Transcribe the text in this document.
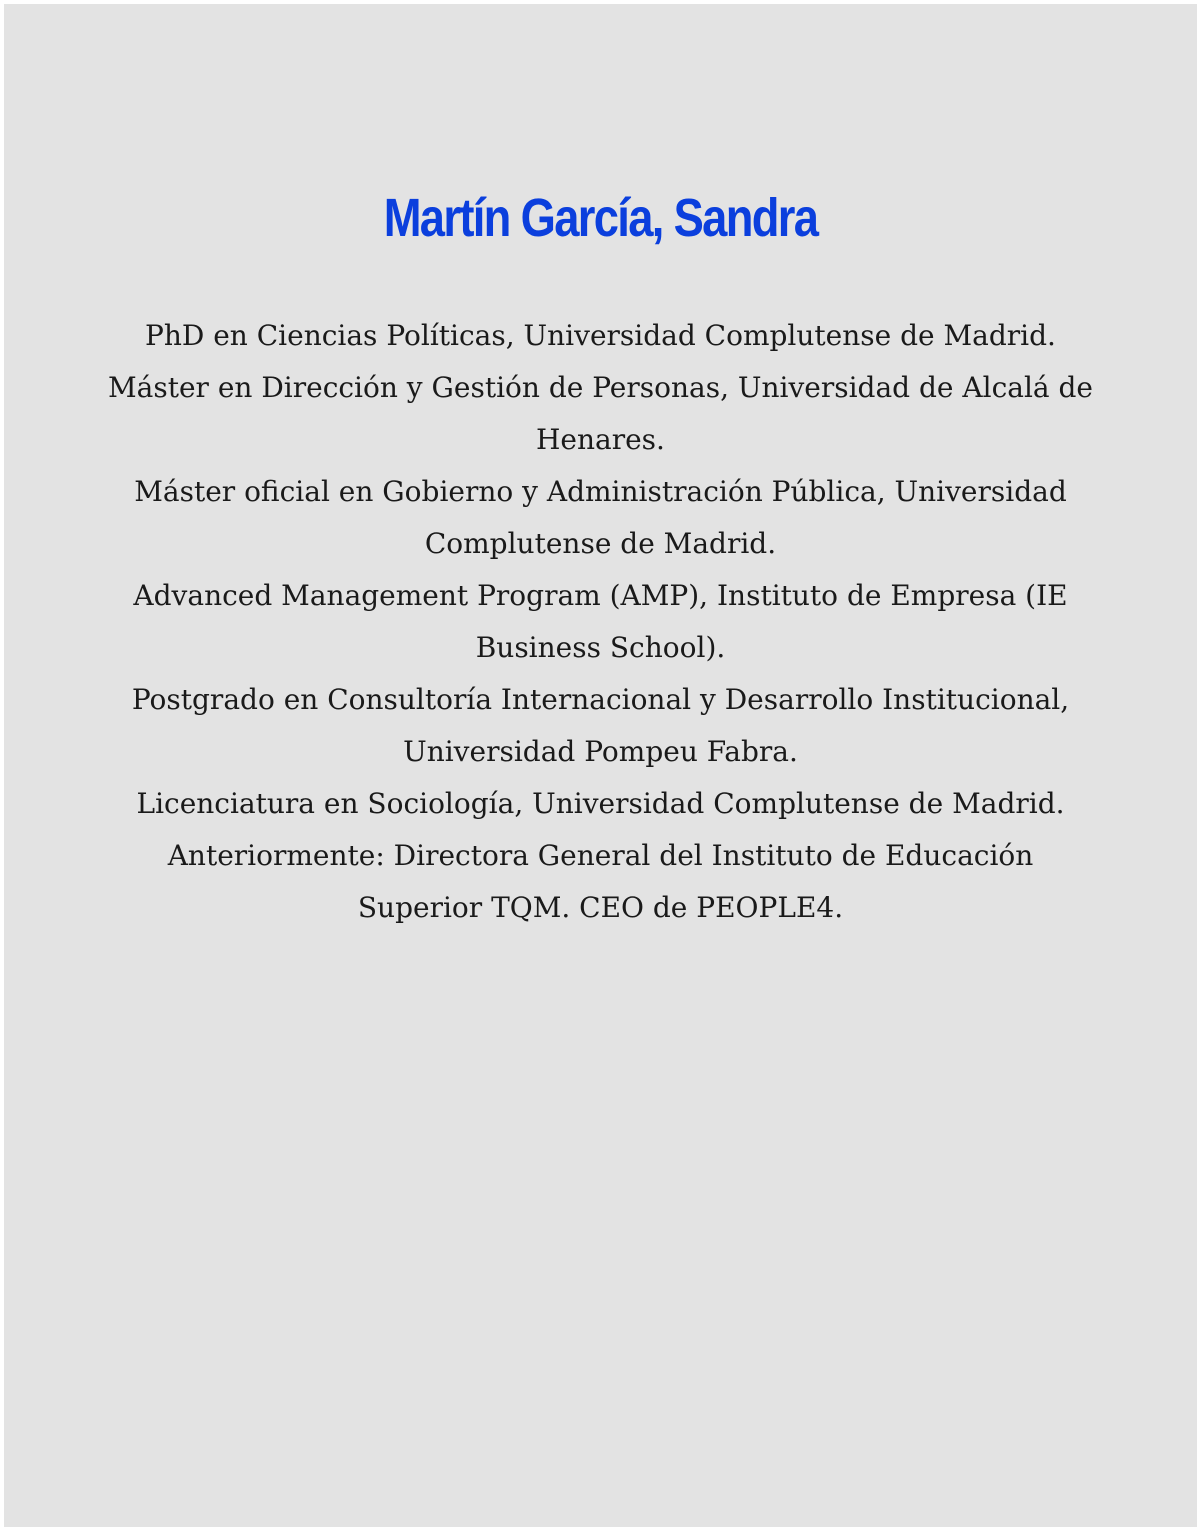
Martín García, Sandra

PhD en Ciencias Políticas, Universidad Complutense de Madrid.

Máster en Dirección y Gestión de Personas, Universidad de Alcalá de Henares.

Máster oficial en Gobierno y Administración Pública, Universidad Complutense de Madrid.

Advanced Management Program (AMP), Instituto de Empresa (IE Business School).

Postgrado en Consultoría Internacional y Desarrollo Institucional, Universidad Pompeu Fabra.

Licenciatura en Sociología, Universidad Complutense de Madrid.

Anteriormente: Directora General del Instituto de Educación Superior TQM. CEO de PEOPLE4.
